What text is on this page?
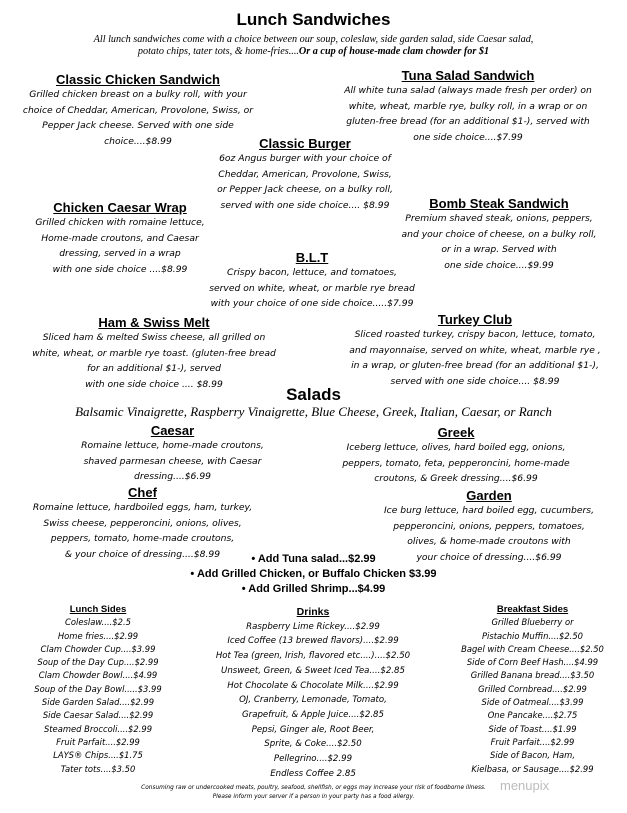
Lunch Sandwiches
All lunch sandwiches come with a choice between our soup, coleslaw, side garden salad, side Caesar salad,
potato chips, tater tots, & home-fries....Or a cup of house-made clam chowder for $1
Classic Chicken Sandwich
Grilled chicken breast on a bulky roll, with your
choice of Cheddar, American, Provolone, Swiss, or
Pepper Jack cheese. Served with one side
choice....$8.99
Tuna Salad Sandwich
All white tuna salad (always made fresh per order) on
white, wheat, marble rye, bulky roll, in a wrap or on
gluten-free bread (for an additional $1-), served with
one side choice....$7.99
Classic Burger
6oz Angus burger with your choice of
Cheddar, American, Provolone, Swiss,
or Pepper Jack cheese, on a bulky roll,
served with one side choice.... $8.99
Chicken Caesar Wrap
Grilled chicken with romaine lettuce,
Home-made croutons, and Caesar
dressing, served in a wrap
with one side choice ....$8.99
Bomb Steak Sandwich
Premium shaved steak, onions, peppers,
and your choice of cheese, on a bulky roll,
or in a wrap. Served with
one side choice....$9.99
B.L.T
Crispy bacon, lettuce, and tomatoes,
served on white, wheat, or marble rye bread
with your choice of one side choice.....$7.99
Ham & Swiss Melt
Sliced ham & melted Swiss cheese, all grilled on
white, wheat, or marble rye toast. (gluten-free bread
for an additional $1-), served
with one side choice .... $8.99
Turkey Club
Sliced roasted turkey, crispy bacon, lettuce, tomato,
and mayonnaise, served on white, wheat, marble rye ,
in a wrap, or gluten-free bread (for an additional $1-),
served with one side choice.... $8.99
Salads
Balsamic Vinaigrette, Raspberry Vinaigrette, Blue Cheese, Greek, Italian, Caesar, or Ranch
Caesar
Romaine lettuce, home-made croutons,
shaved parmesan cheese, with Caesar
dressing....$6.99
Greek
Iceberg lettuce, olives, hard boiled egg, onions,
peppers, tomato, feta, pepperoncini, home-made
croutons, & Greek dressing....$6.99
Chef
Romaine lettuce, hardboiled eggs, ham, turkey,
Swiss cheese, pepperoncini, onions, olives,
peppers, tomato, home-made croutons,
& your choice of dressing....$8.99
Garden
Ice burg lettuce, hard boiled egg, cucumbers,
pepperoncini, onions, peppers, tomatoes,
olives, & home-made croutons with
your choice of dressing....$6.99
• Add Tuna salad...$2.99
• Add Grilled Chicken, or Buffalo Chicken $3.99
• Add Grilled Shrimp...$4.99
Lunch Sides
Coleslaw....$2.5
Home fries....$2.99
Clam Chowder Cup....$3.99
Soup of the Day Cup....$2.99
Clam Chowder Bowl....$4.99
Soup of the Day Bowl.....$3.99
Side Garden Salad....$2.99
Side Caesar Salad....$2.99
Steamed Broccoli....$2.99
Fruit Parfait....$2.99
LAYS® Chips....$1.75
Tater tots....$3.50
Drinks
Raspberry Lime Rickey....$2.99
Iced Coffee (13 brewed flavors)....$2.99
Hot Tea (green, Irish, flavored etc....)....$2.50
Unsweet, Green, & Sweet Iced Tea....$2.85
Hot Chocolate & Chocolate Milk....$2.99
OJ, Cranberry, Lemonade, Tomato,
Grapefruit, & Apple Juice....$2.85
Pepsi, Ginger ale, Root Beer,
Sprite, & Coke....$2.50
Pellegrino....$2.99
Endless Coffee 2.85
Breakfast Sides
Grilled Blueberry or
Pistachio Muffin....$2.50
Bagel with Cream Cheese....$2.50
Side of Corn Beef Hash....$4.99
Grilled Banana bread....$3.50
Grilled Cornbread....$2.99
Side of Oatmeal....$3.99
One Pancake....$2.75
Side of Toast....$1.99
Fruit Parfait....$2.99
Side of Bacon, Ham,
Kielbasa, or Sausage....$2.99
Consuming raw or undercooked meats, poultry, seafood, shellfish, or eggs may increase your risk of foodborne illness.
Please inform your server if a person in your party has a food allergy.
menupix
